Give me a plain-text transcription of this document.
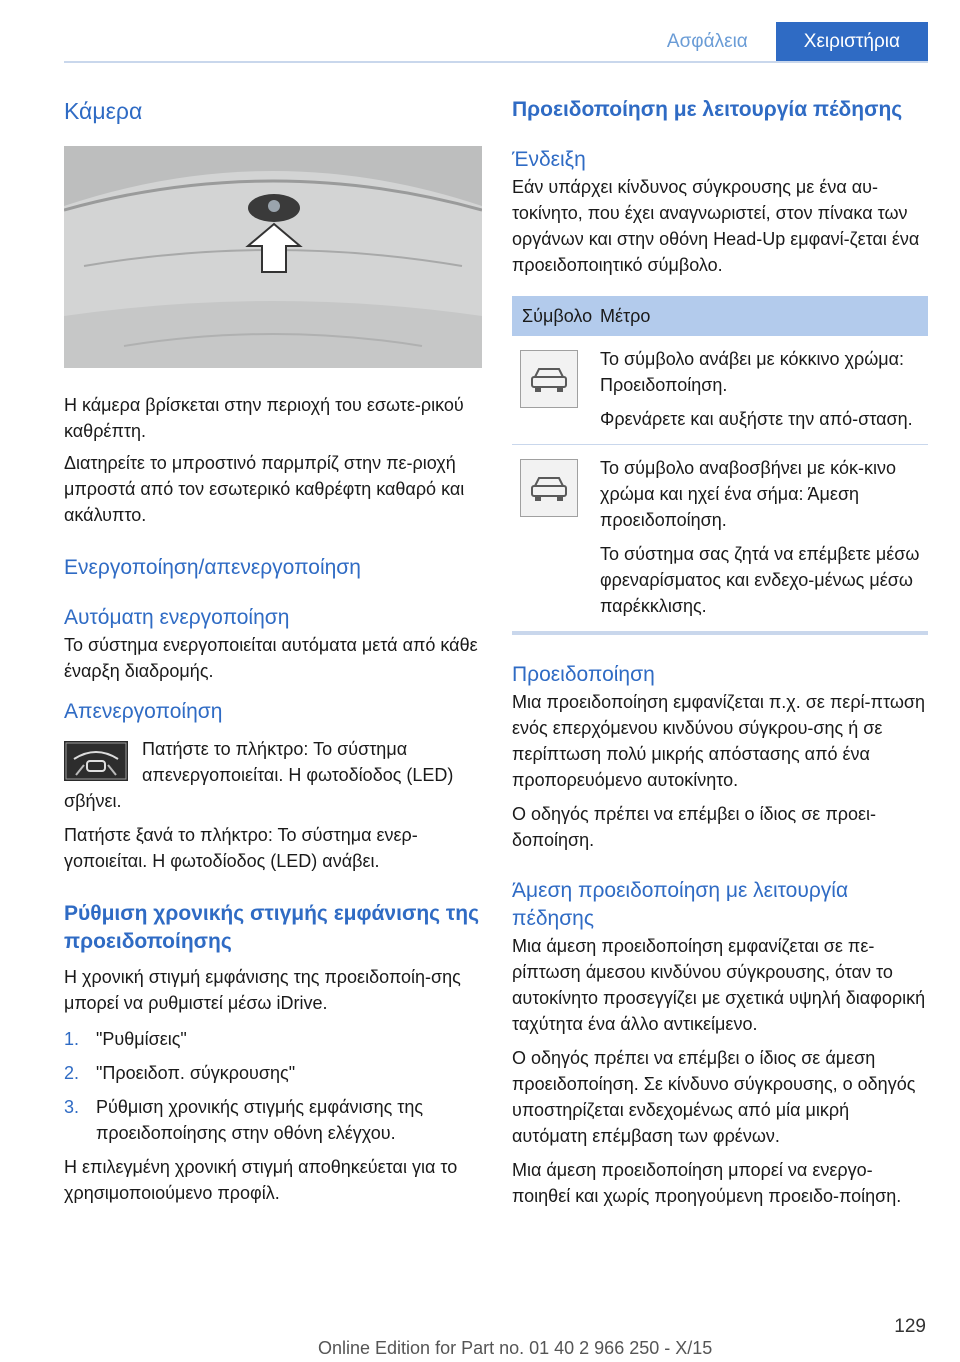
Ασφάλεια	Χειριστήρια
Κάμερα

Η κάμερα βρίσκεται στην περιοχή του εσωτε-ρικού καθρέπτη.

Διατηρείτε το μπροστινό παρμπρίζ στην πε-ριοχή μπροστά από τον εσωτερικό καθρέφτη καθαρό και ακάλυπτο.

Ενεργοποίηση/απενεργοποίηση
Αυτόματη ενεργοποίηση

Το σύστημα ενεργοποιείται αυτόματα μετά από κάθε έναρξη διαδρομής.

Απενεργοποίηση

Πατήστε το πλήκτρο: Το σύστημα απενεργοποιείται. Η φωτοδίοδος (LED) σβήνει.

Πατήστε ξανά το πλήκτρο: Το σύστημα ενερ-γοποιείται. Η φωτοδίοδος (LED) ανάβει.

Ρύθμιση χρονικής στιγμής εμφάνισης της προειδοποίησης

Η χρονική στιγμή εμφάνισης της προειδοποίη-σης μπορεί να ρυθμιστεί μέσω iDrive.

1. "Ρυθμίσεις"
2. "Προειδοπ. σύγκρουσης"
3. Ρύθμιση χρονικής στιγμής εμφάνισης της προειδοποίησης στην οθόνη ελέγχου.

Η επιλεγμένη χρονική στιγμή αποθηκεύεται για το χρησιμοποιούμενο προφίλ.

Προειδοποίηση με λειτουργία πέδησης
Ένδειξη

Εάν υπάρχει κίνδυνος σύγκρουσης με ένα αυ-τοκίνητο, που έχει αναγνωριστεί, στον πίνακα των οργάνων και στην οθόνη Head-Up εμφανί-ζεται ένα προειδοποιητικό σύμβολο.

Σύμβολο Μέτρο

Το σύμβολο ανάβει με κόκκινο χρώμα: Προειδοποίηση.

Φρενάρετε και αυξήστε την από-σταση.

Το σύμβολο αναβοσβήνει με κόκ-κινο χρώμα και ηχεί ένα σήμα: Άμεση προειδοποίηση.

Το σύστημα σας ζητά να επέμβετε μέσω φρεναρίσματος και ενδεχο-μένως μέσω παρέκκλισης.

Προειδοποίηση

Μια προειδοποίηση εμφανίζεται π.χ. σε περί-πτωση ενός επερχόμενου κινδύνου σύγκρου-σης ή σε περίπτωση πολύ μικρής απόστασης από ένα προπορευόμενο αυτοκίνητο.

Ο οδηγός πρέπει να επέμβει ο ίδιος σε προει-δοποίηση.

Άμεση προειδοποίηση με λειτουργία πέδησης

Μια άμεση προειδοποίηση εμφανίζεται σε πε-ρίπτωση άμεσου κινδύνου σύγκρουσης, όταν το αυτοκίνητο προσεγγίζει με σχετικά υψηλή διαφορική ταχύτητα ένα άλλο αντικείμενο.

Ο οδηγός πρέπει να επέμβει ο ίδιος σε άμεση προειδοποίηση. Σε κίνδυνο σύγκρουσης, ο οδηγός υποστηρίζεται ενδεχομένως από μία μικρή αυτόματη επέμβαση των φρένων.

Μια άμεση προειδοποίηση μπορεί να ενεργο-ποιηθεί και χωρίς προηγούμενη προειδο-ποίηση.

129
Online Edition for Part no. 01 40 2 966 250 - X/15
